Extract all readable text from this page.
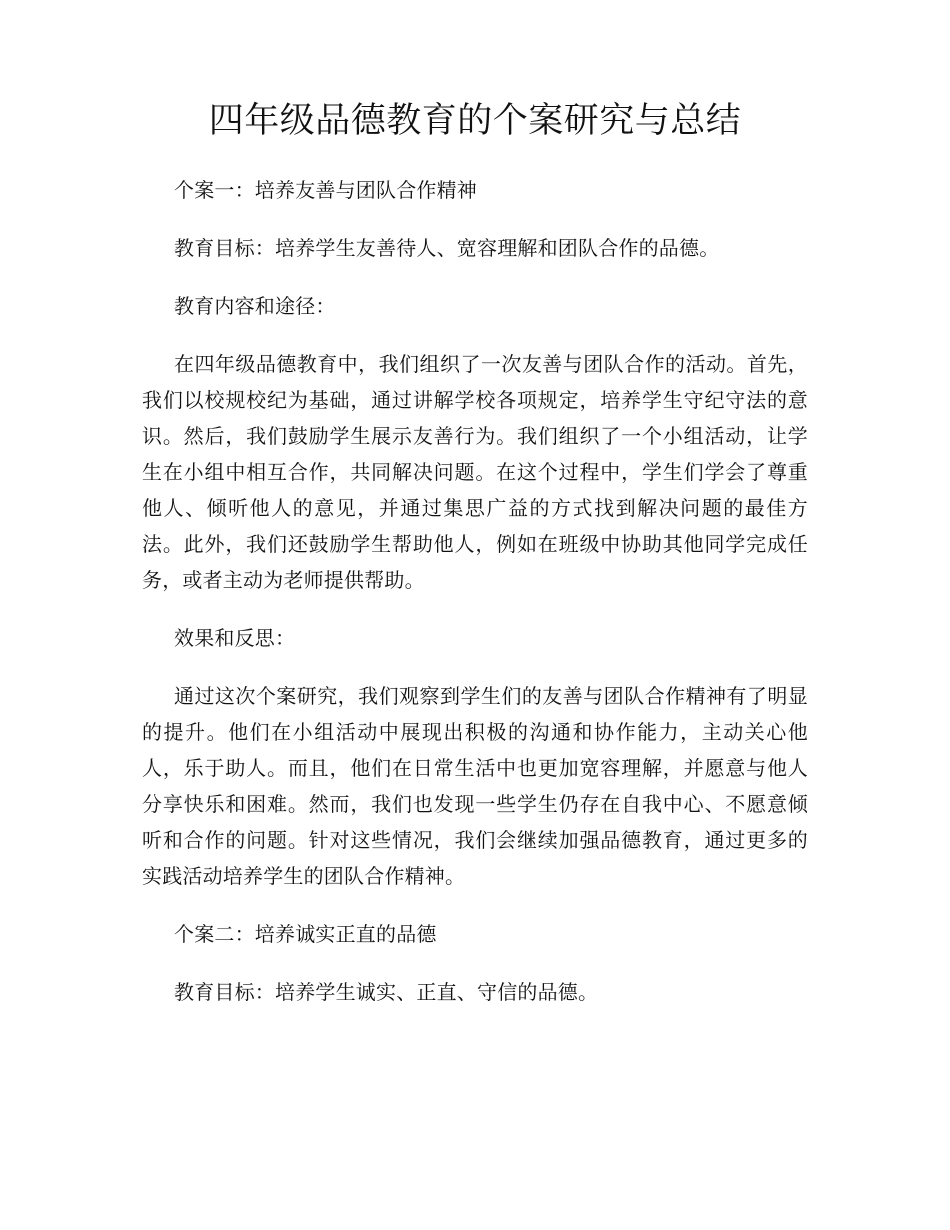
四年级品德教育的个案研究与总结

个案一：培养友善与团队合作精神

教育目标：培养学生友善待人、宽容理解和团队合作的品德。

教育内容和途径：

在四年级品德教育中，我们组织了一次友善与团队合作的活动。首先，我们以校规校纪为基础，通过讲解学校各项规定，培养学生守纪守法的意识。然后，我们鼓励学生展示友善行为。我们组织了一个小组活动，让学生在小组中相互合作，共同解决问题。在这个过程中，学生们学会了尊重他人、倾听他人的意见，并通过集思广益的方式找到解决问题的最佳方法。此外，我们还鼓励学生帮助他人，例如在班级中协助其他同学完成任务，或者主动为老师提供帮助。

效果和反思：

通过这次个案研究，我们观察到学生们的友善与团队合作精神有了明显的提升。他们在小组活动中展现出积极的沟通和协作能力，主动关心他人，乐于助人。而且，他们在日常生活中也更加宽容理解，并愿意与他人分享快乐和困难。然而，我们也发现一些学生仍存在自我中心、不愿意倾听和合作的问题。针对这些情况，我们会继续加强品德教育，通过更多的实践活动培养学生的团队合作精神。

个案二：培养诚实正直的品德

教育目标：培养学生诚实、正直、守信的品德。
